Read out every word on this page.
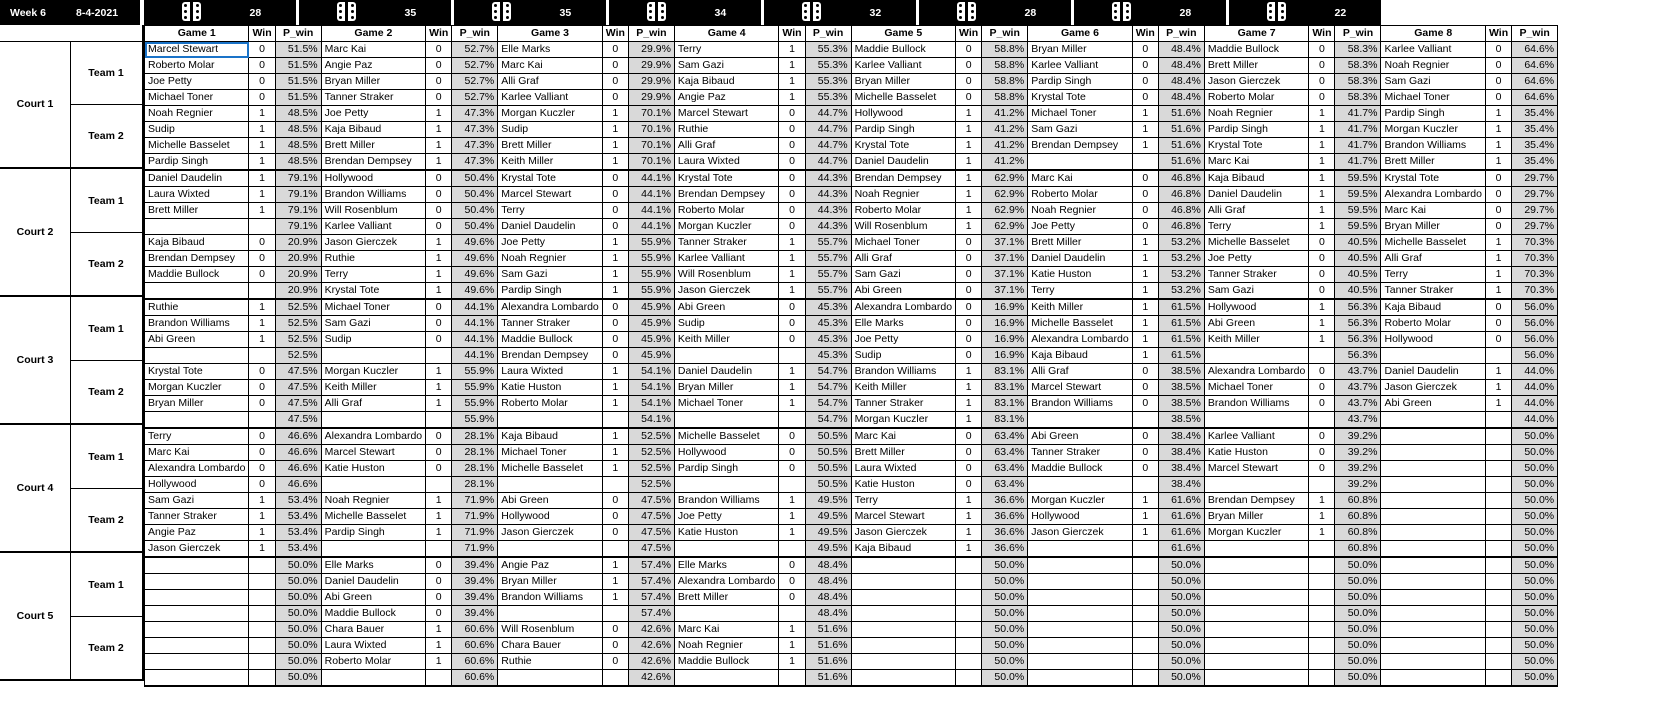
Week 6	8-4-2021	28	35	35	34	32	28	28	22
Court 1
Team 1
Team 2
Court 2
Team 1
Team 2
Court 3
Team 1
Team 2
Court 4
Team 1
Team 2
Court 5
Team 1
Team 2
Game 1	Win	P_win	Game 2	Win	P_win	Game 3	Win	P_win	Game 4	Win	P_win	Game 5	Win	P_win	Game 6	Win	P_win	Game 7	Win	P_win	Game 8	Win	P_win
Marcel Stewart	0	51.5%	Marc Kai	0	52.7%	Elle Marks	0	29.9%	Terry	1	55.3%	Maddie Bullock	0	58.8%	Bryan Miller	0	48.4%	Maddie Bullock	0	58.3%	Karlee Valliant	0	64.6%
Roberto Molar	0	51.5%	Angie Paz	0	52.7%	Marc Kai	0	29.9%	Sam Gazi	1	55.3%	Karlee Valliant	0	58.8%	Karlee Valliant	0	48.4%	Brett Miller	0	58.3%	Noah Regnier	0	64.6%
Joe Petty	0	51.5%	Bryan Miller	0	52.7%	Alli Graf	0	29.9%	Kaja Bibaud	1	55.3%	Bryan Miller	0	58.8%	Pardip Singh	0	48.4%	Jason Gierczek	0	58.3%	Sam Gazi	0	64.6%
Michael Toner	0	51.5%	Tanner Straker	0	52.7%	Karlee Valliant	0	29.9%	Angie Paz	1	55.3%	Michelle Basselet	0	58.8%	Krystal Tote	0	48.4%	Roberto Molar	0	58.3%	Michael Toner	0	64.6%
Noah Regnier	1	48.5%	Joe Petty	1	47.3%	Morgan Kuczler	1	70.1%	Marcel Stewart	0	44.7%	Hollywood	1	41.2%	Michael Toner	1	51.6%	Noah Regnier	1	41.7%	Pardip Singh	1	35.4%
Sudip	1	48.5%	Kaja Bibaud	1	47.3%	Sudip	1	70.1%	Ruthie	0	44.7%	Pardip Singh	1	41.2%	Sam Gazi	1	51.6%	Pardip Singh	1	41.7%	Morgan Kuczler	1	35.4%
Michelle Basselet	1	48.5%	Brett Miller	1	47.3%	Brett Miller	1	70.1%	Alli Graf	0	44.7%	Krystal Tote	1	41.2%	Brendan Dempsey	1	51.6%	Krystal Tote	1	41.7%	Brandon Williams	1	35.4%
Pardip Singh	1	48.5%	Brendan Dempsey	1	47.3%	Keith Miller	1	70.1%	Laura Wixted	0	44.7%	Daniel Daudelin	1	41.2%			51.6%	Marc Kai	1	41.7%	Brett Miller	1	35.4%
Daniel Daudelin	1	79.1%	Hollywood	0	50.4%	Krystal Tote	0	44.1%	Krystal Tote	0	44.3%	Brendan Dempsey	1	62.9%	Marc Kai	0	46.8%	Kaja Bibaud	1	59.5%	Krystal Tote	0	29.7%
Laura Wixted	1	79.1%	Brandon Williams	0	50.4%	Marcel Stewart	0	44.1%	Brendan Dempsey	0	44.3%	Noah Regnier	1	62.9%	Roberto Molar	0	46.8%	Daniel Daudelin	1	59.5%	Alexandra Lombardo	0	29.7%
Brett Miller	1	79.1%	Will Rosenblum	0	50.4%	Terry	0	44.1%	Roberto Molar	0	44.3%	Roberto Molar	1	62.9%	Noah Regnier	0	46.8%	Alli Graf	1	59.5%	Marc Kai	0	29.7%
		79.1%	Karlee Valliant	0	50.4%	Daniel Daudelin	0	44.1%	Morgan Kuczler	0	44.3%	Will Rosenblum	1	62.9%	Joe Petty	0	46.8%	Terry	1	59.5%	Bryan Miller	0	29.7%
Kaja Bibaud	0	20.9%	Jason Gierczek	1	49.6%	Joe Petty	1	55.9%	Tanner Straker	1	55.7%	Michael Toner	0	37.1%	Brett Miller	1	53.2%	Michelle Basselet	0	40.5%	Michelle Basselet	1	70.3%
Brendan Dempsey	0	20.9%	Ruthie	1	49.6%	Noah Regnier	1	55.9%	Karlee Valliant	1	55.7%	Alli Graf	0	37.1%	Daniel Daudelin	1	53.2%	Joe Petty	0	40.5%	Alli Graf	1	70.3%
Maddie Bullock	0	20.9%	Terry	1	49.6%	Sam Gazi	1	55.9%	Will Rosenblum	1	55.7%	Sam Gazi	0	37.1%	Katie Huston	1	53.2%	Tanner Straker	0	40.5%	Terry	1	70.3%
		20.9%	Krystal Tote	1	49.6%	Pardip Singh	1	55.9%	Jason Gierczek	1	55.7%	Abi Green	0	37.1%	Terry	1	53.2%	Sam Gazi	0	40.5%	Tanner Straker	1	70.3%
Ruthie	1	52.5%	Michael Toner	0	44.1%	Alexandra Lombardo	0	45.9%	Abi Green	0	45.3%	Alexandra Lombardo	0	16.9%	Keith Miller	1	61.5%	Hollywood	1	56.3%	Kaja Bibaud	0	56.0%
Brandon Williams	1	52.5%	Sam Gazi	0	44.1%	Tanner Straker	0	45.9%	Sudip	0	45.3%	Elle Marks	0	16.9%	Michelle Basselet	1	61.5%	Abi Green	1	56.3%	Roberto Molar	0	56.0%
Abi Green	1	52.5%	Sudip	0	44.1%	Maddie Bullock	0	45.9%	Keith Miller	0	45.3%	Joe Petty	0	16.9%	Alexandra Lombardo	1	61.5%	Keith Miller	1	56.3%	Hollywood	0	56.0%
		52.5%			44.1%	Brendan Dempsey	0	45.9%			45.3%	Sudip	0	16.9%	Kaja Bibaud	1	61.5%			56.3%			56.0%
Krystal Tote	0	47.5%	Morgan Kuczler	1	55.9%	Laura Wixted	1	54.1%	Daniel Daudelin	1	54.7%	Brandon Williams	1	83.1%	Alli Graf	0	38.5%	Alexandra Lombardo	0	43.7%	Daniel Daudelin	1	44.0%
Morgan Kuczler	0	47.5%	Keith Miller	1	55.9%	Katie Huston	1	54.1%	Bryan Miller	1	54.7%	Keith Miller	1	83.1%	Marcel Stewart	0	38.5%	Michael Toner	0	43.7%	Jason Gierczek	1	44.0%
Bryan Miller	0	47.5%	Alli Graf	1	55.9%	Roberto Molar	1	54.1%	Michael Toner	1	54.7%	Tanner Straker	1	83.1%	Brandon Williams	0	38.5%	Brandon Williams	0	43.7%	Abi Green	1	44.0%
		47.5%			55.9%			54.1%			54.7%	Morgan Kuczler	1	83.1%			38.5%			43.7%			44.0%
Terry	0	46.6%	Alexandra Lombardo	0	28.1%	Kaja Bibaud	1	52.5%	Michelle Basselet	0	50.5%	Marc Kai	0	63.4%	Abi Green	0	38.4%	Karlee Valliant	0	39.2%			50.0%
Marc Kai	0	46.6%	Marcel Stewart	0	28.1%	Michael Toner	1	52.5%	Hollywood	0	50.5%	Brett Miller	0	63.4%	Tanner Straker	0	38.4%	Katie Huston	0	39.2%			50.0%
Alexandra Lombardo	0	46.6%	Katie Huston	0	28.1%	Michelle Basselet	1	52.5%	Pardip Singh	0	50.5%	Laura Wixted	0	63.4%	Maddie Bullock	0	38.4%	Marcel Stewart	0	39.2%			50.0%
Hollywood	0	46.6%			28.1%			52.5%			50.5%	Katie Huston	0	63.4%			38.4%			39.2%			50.0%
Sam Gazi	1	53.4%	Noah Regnier	1	71.9%	Abi Green	0	47.5%	Brandon Williams	1	49.5%	Terry	1	36.6%	Morgan Kuczler	1	61.6%	Brendan Dempsey	1	60.8%			50.0%
Tanner Straker	1	53.4%	Michelle Basselet	1	71.9%	Hollywood	0	47.5%	Joe Petty	1	49.5%	Marcel Stewart	1	36.6%	Hollywood	1	61.6%	Bryan Miller	1	60.8%			50.0%
Angie Paz	1	53.4%	Pardip Singh	1	71.9%	Jason Gierczek	0	47.5%	Katie Huston	1	49.5%	Jason Gierczek	1	36.6%	Jason Gierczek	1	61.6%	Morgan Kuczler	1	60.8%			50.0%
Jason Gierczek	1	53.4%			71.9%			47.5%			49.5%	Kaja Bibaud	1	36.6%			61.6%			60.8%			50.0%
		50.0%	Elle Marks	0	39.4%	Angie Paz	1	57.4%	Elle Marks	0	48.4%			50.0%			50.0%			50.0%			50.0%
		50.0%	Daniel Daudelin	0	39.4%	Bryan Miller	1	57.4%	Alexandra Lombardo	0	48.4%			50.0%			50.0%			50.0%			50.0%
		50.0%	Abi Green	0	39.4%	Brandon Williams	1	57.4%	Brett Miller	0	48.4%			50.0%			50.0%			50.0%			50.0%
		50.0%	Maddie Bullock	0	39.4%			57.4%			48.4%			50.0%			50.0%			50.0%			50.0%
		50.0%	Chara Bauer	1	60.6%	Will Rosenblum	0	42.6%	Marc Kai	1	51.6%			50.0%			50.0%			50.0%			50.0%
		50.0%	Laura Wixted	1	60.6%	Chara Bauer	0	42.6%	Noah Regnier	1	51.6%			50.0%			50.0%			50.0%			50.0%
		50.0%	Roberto Molar	1	60.6%	Ruthie	0	42.6%	Maddie Bullock	1	51.6%			50.0%			50.0%			50.0%			50.0%
		50.0%			60.6%			42.6%			51.6%			50.0%			50.0%			50.0%			50.0%
